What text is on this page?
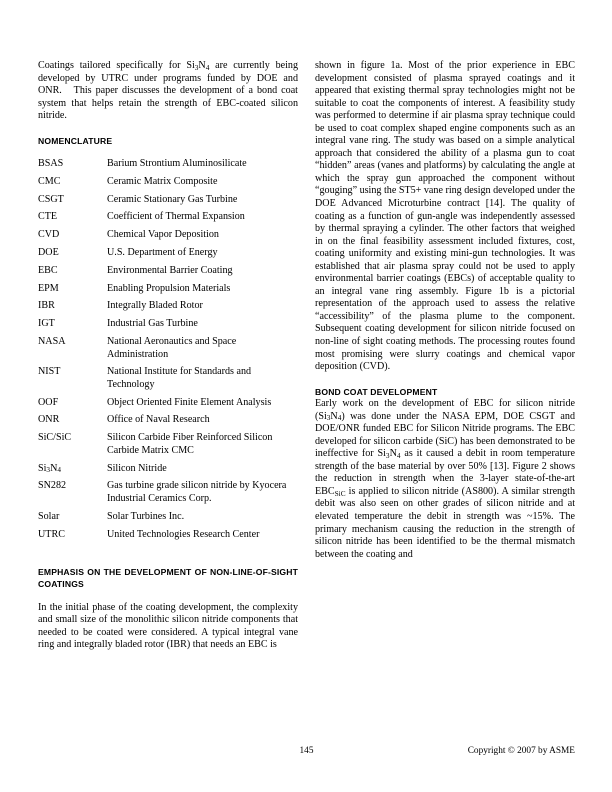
Coatings tailored specifically for $Si_3N_4$ are currently being developed by UTRC under programs funded by DOE and ONR.   This paper discusses the development of a bond coat system that helps retain the strength of EBC-coated silicon nitride.

NOMENCLATURE
BSAS	Barium Strontium Aluminosilicate
CMC	Ceramic Matrix Composite
CSGT	Ceramic Stationary Gas Turbine
CTE	Coefficient of Thermal Expansion
CVD	Chemical Vapor Deposition
DOE	U.S. Department of Energy
EBC	Environmental Barrier Coating
EPM	Enabling Propulsion Materials
IBR	Integrally Bladed Rotor
IGT	Industrial Gas Turbine
NASA	National Aeronautics and Space Administration
NIST	National Institute for Standards and Technology
OOF	Object Oriented Finite Element Analysis
ONR	Office of Naval Research
SiC/SiC	Silicon Carbide Fiber Reinforced Silicon Carbide Matrix CMC
$Si_3N_4$	Silicon Nitride
SN282	Gas turbine grade silicon nitride by Kyocera Industrial Ceramics Corp.
Solar	Solar Turbines Inc.
UTRC	United Technologies Research Center
EMPHASIS ON THE DEVELOPMENT OF NON-LINE-OF-SIGHT COATINGS

In the initial phase of the coating development, the complexity and small size of the monolithic silicon nitride components that needed to be coated were considered. A typical integral vane ring and integrally bladed rotor (IBR) that needs an EBC is

shown in figure 1a. Most of the prior experience in EBC development consisted of plasma sprayed coatings and it appeared that existing thermal spray technologies might not be suitable to coat the components of interest. A feasibility study was performed to determine if air plasma spray technique could be used to coat complex shaped engine components such as an integral vane ring. The study was based on a simple analytical approach that considered the ability of a plasma gun to coat “hidden” areas (vanes and platforms) by calculating the angle at which the spray gun approached the component without “gouging” using the ST5+ vane ring design developed under the DOE Advanced Microturbine contract [14]. The quality of coating as a function of gun-angle was independently assessed by thermal spraying a cylinder. The other factors that weighed in on the final feasibility assessment included fixtures, cost, coating uniformity and existing mini-gun technologies. It was established that air plasma spray could not be used to apply environmental barrier coatings (EBCs) of acceptable quality to an integral vane ring assembly. Figure 1b is a pictorial representation of the approach used to assess the relative “accessibility” of the plasma plume to the component. Subsequent coating development for silicon nitride focused on non-line of sight coating methods. The processing routes found most promising were slurry coatings and chemical vapor deposition (CVD).

BOND COAT DEVELOPMENT

Early work on the development of EBC for silicon nitride $(Si_3N_4)$ was done under the NASA EPM, DOE CSGT and DOE/ONR funded EBC for Silicon Nitride programs. The EBC developed for silicon carbide (SiC) has been demonstrated to be ineffective for $Si_3N_4$ as it caused a debit in room temperature strength of the base material by over 50% [13]. Figure 2 shows the reduction in strength when the 3-layer state-of-the-art $EBC_{SiC}$ is applied to silicon nitride (AS800). A similar strength debit was also seen on other grades of silicon nitride and at elevated temperature the debit in strength was ~15%. The primary mechanism causing the reduction in the strength of silicon nitride has been identified to be the thermal mismatch between the coating and

145	Copyright © 2007 by ASME
